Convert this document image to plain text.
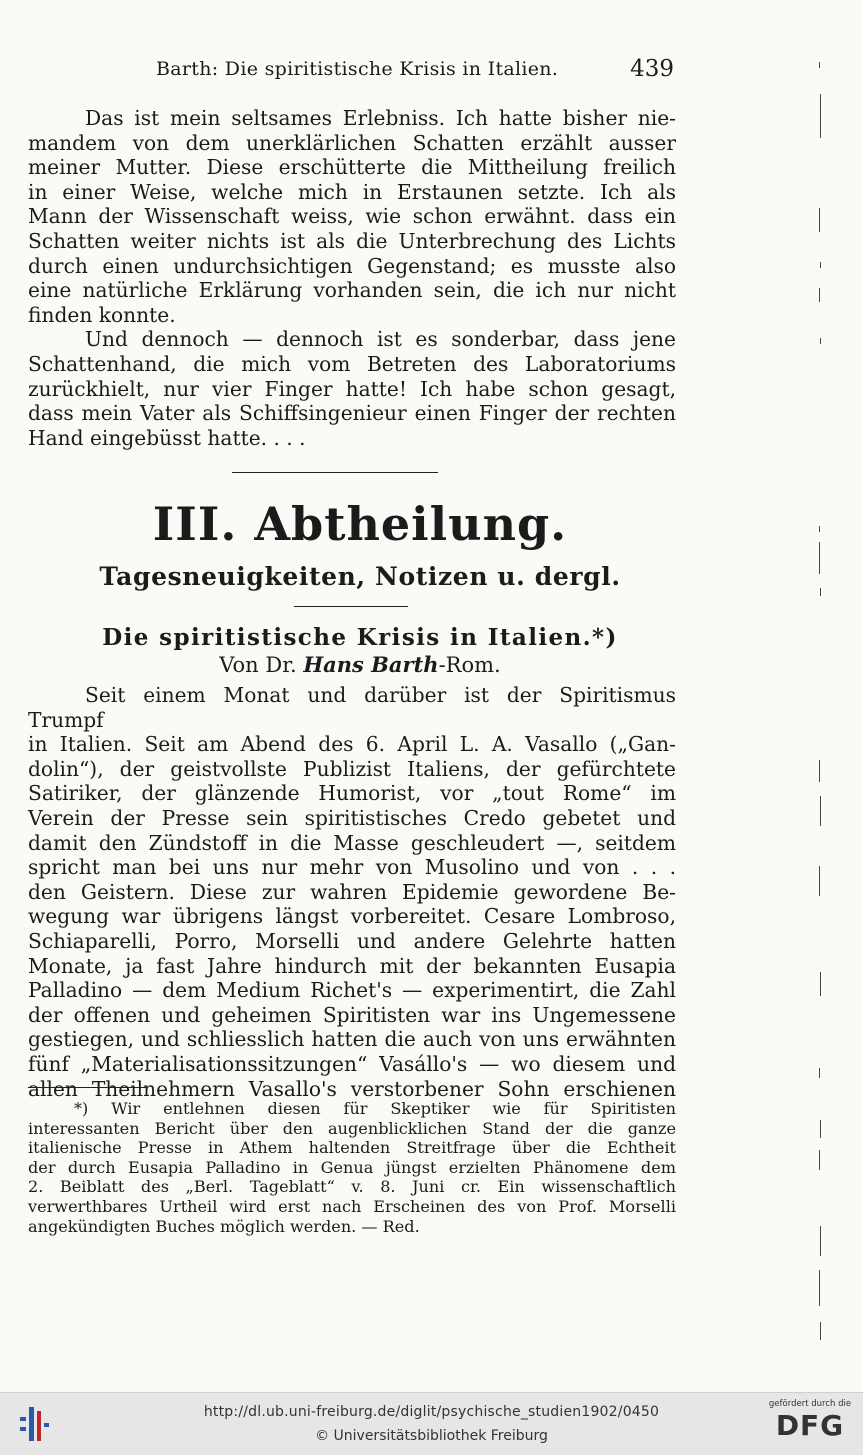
Barth: Die spiritistische Krisis in Italien.	439

Das ist mein seltsames Erlebniss. Ich hatte bisher nie-
mandem von dem unerklärlichen Schatten erzählt ausser
meiner Mutter. Diese erschütterte die Mittheilung freilich
in einer Weise, welche mich in Erstaunen setzte. Ich als
Mann der Wissenschaft weiss, wie schon erwähnt. dass ein
Schatten weiter nichts ist als die Unterbrechung des Lichts
durch einen undurchsichtigen Gegenstand; es musste also
eine natürliche Erklärung vorhanden sein, die ich nur nicht
finden konnte.

Und dennoch — dennoch ist es sonderbar, dass jene
Schattenhand, die mich vom Betreten des Laboratoriums
zurückhielt, nur vier Finger hatte! Ich habe schon gesagt,
dass mein Vater als Schiffsingenieur einen Finger der rechten
Hand eingebüsst hatte. . . .

III. Abtheilung.
Tagesneuigkeiten, Notizen u. dergl.
Die spiritistische Krisis in Italien.*)
Von Dr. Hans Barth-Rom.

Seit einem Monat und darüber ist der Spiritismus Trumpf
in Italien. Seit am Abend des 6. April L. A. Vasallo („Gan-
dolin“), der geistvollste Publizist Italiens, der gefürchtete
Satiriker, der glänzende Humorist, vor „tout Rome“ im
Verein der Presse sein spiritistisches Credo gebetet und
damit den Zündstoff in die Masse geschleudert —, seitdem
spricht man bei uns nur mehr von Musolino und von . . .
den Geistern. Diese zur wahren Epidemie gewordene Be-
wegung war übrigens längst vorbereitet. Cesare Lombroso,
Schiaparelli, Porro, Morselli und andere Gelehrte hatten
Monate, ja fast Jahre hindurch mit der bekannten Eusapia
Palladino — dem Medium Richet's — experimentirt, die Zahl
der offenen und geheimen Spiritisten war ins Ungemessene
gestiegen, und schliesslich hatten die auch von uns erwähnten
fünf „Materialisationssitzungen“ Vasállo's — wo diesem und
allen Theilnehmern Vasallo's verstorbener Sohn erschienen

*) Wir entlehnen diesen für Skeptiker wie für Spiritisten
interessanten Bericht über den augenblicklichen Stand der die ganze
italienische Presse in Athem haltenden Streitfrage über die Echtheit
der durch Eusapia Palladino in Genua jüngst erzielten Phänomene dem
2. Beiblatt des „Berl. Tageblatt“ v. 8. Juni cr. Ein wissenschaftlich
verwerthbares Urtheil wird erst nach Erscheinen des von Prof. Morselli
angekündigten Buches möglich werden. — Red.
http://dl.ub.uni-freiburg.de/diglit/psychische_studien1902/0450
© Universitätsbibliothek Freiburg
gefördert durch die
DFG
